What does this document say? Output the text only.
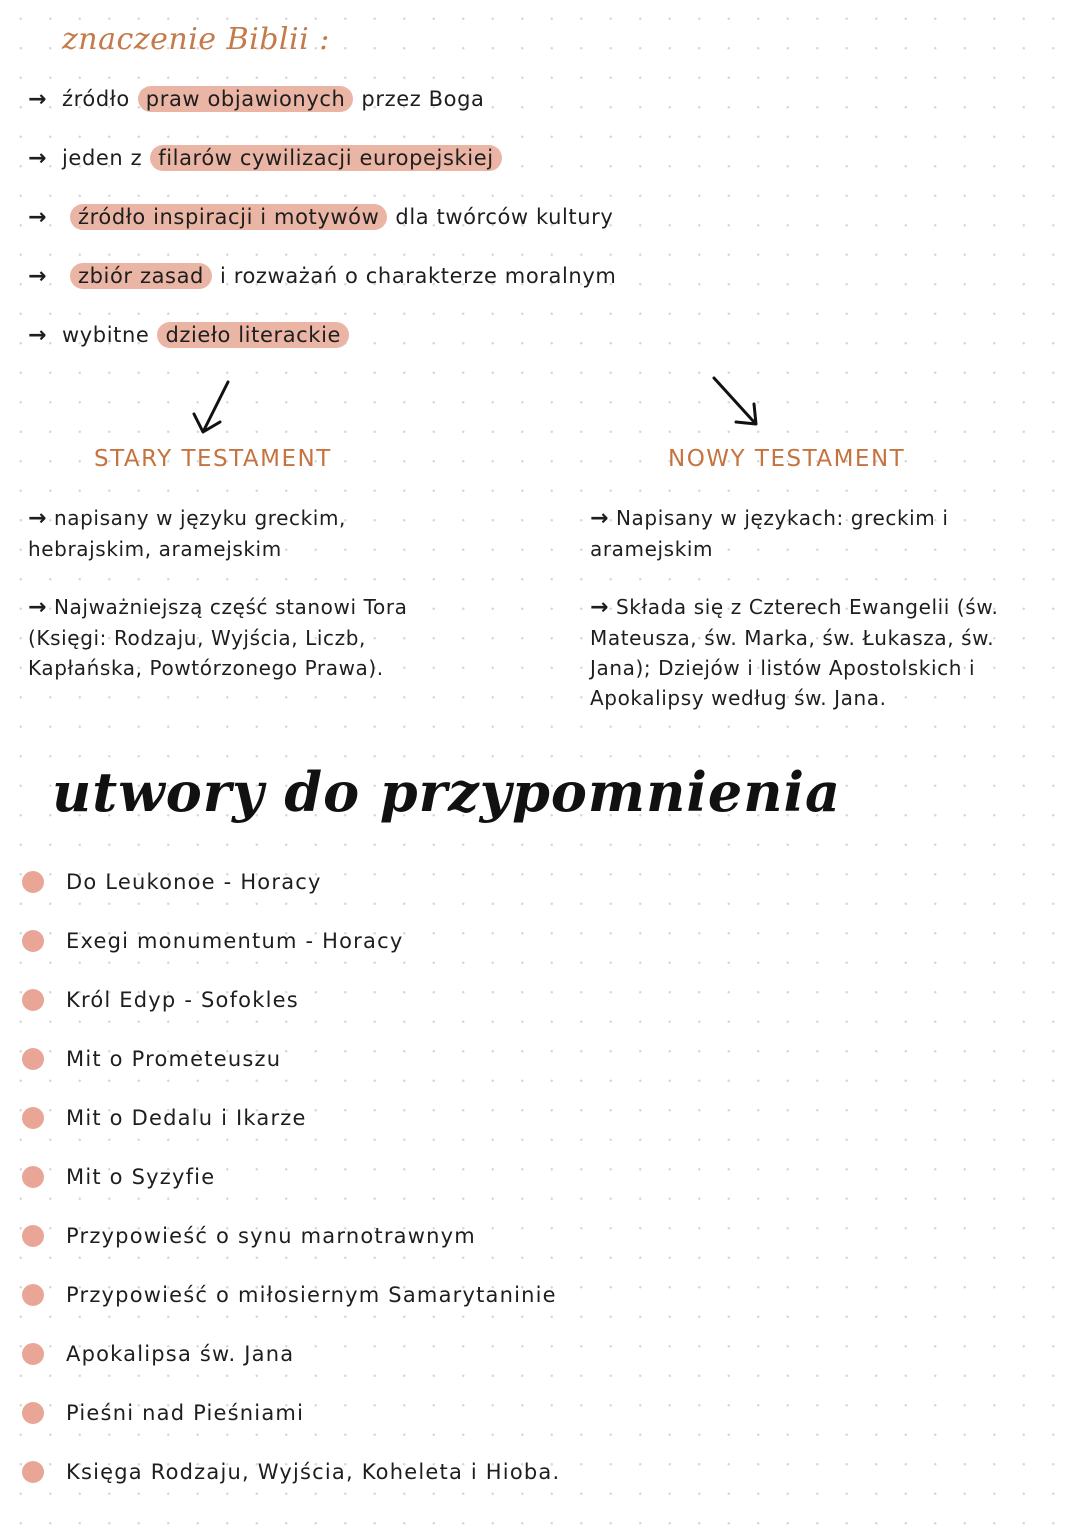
znaczenie Biblii :
→ źródło praw objawionych przez Boga
→ jeden z filarów cywilizacji europejskiej
→	źródło inspiracji i motywów dla twórców kultury
→	zbiór zasad i rozważań o charakterze moralnym
→ wybitne dzieło literackie
STARY TESTAMENT	NOWY TESTAMENT
→ napisany w języku greckim, hebrajskim, aramejskim
→ Najważniejszą część stanowi Tora (Księgi: Rodzaju, Wyjścia, Liczb, Kapłańska, Powtórzonego Prawa).
→ Napisany w językach: greckim i aramejskim
→ Składa się z Czterech Ewangelii (św. Mateusza, św. Marka, św. Łukasza, św. Jana); Dziejów i listów Apostolskich i Apokalipsy według św. Jana.
utwory do przypomnienia
Do Leukonoe - Horacy
Exegi monumentum - Horacy
Król Edyp - Sofokles
Mit o Prometeuszu
Mit o Dedalu i Ikarze
Mit o Syzyfie
Przypowieść o synu marnotrawnym
Przypowieść o miłosiernym Samarytaninie
Apokalipsa św. Jana
Pieśni nad Pieśniami
Księga Rodzaju, Wyjścia, Koheleta i Hioba.
